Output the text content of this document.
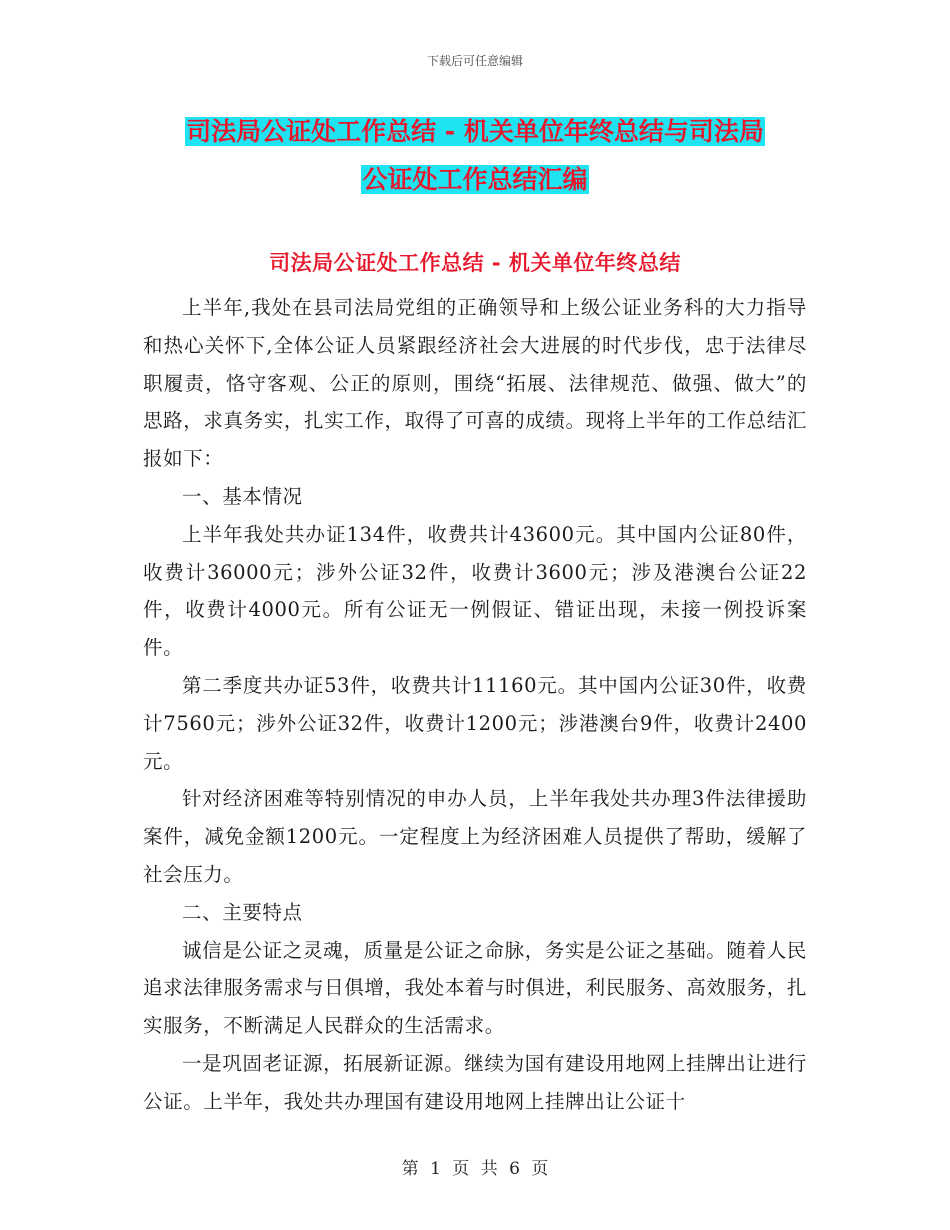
下载后可任意编辑
司法局公证处工作总结 - 机关单位年终总结与司法局
公证处工作总结汇编
司法局公证处工作总结 - 机关单位年终总结

上半年,我处在县司法局党组的正确领导和上级公证业务科的大力指导和热心关怀下,全体公证人员紧跟经济社会大进展的时代步伐，忠于法律尽职履责，恪守客观、公正的原则，围绕“拓展、法律规范、做强、做大”的思路，求真务实，扎实工作，取得了可喜的成绩。现将上半年的工作总结汇报如下：

一、基本情况

上半年我处共办证134件，收费共计43600元。其中国内公证80件，收费计36000元；涉外公证32件，收费计3600元；涉及港澳台公证22件，收费计4000元。所有公证无一例假证、错证出现，未接一例投诉案件。

第二季度共办证53件，收费共计11160元。其中国内公证30件，收费计7560元；涉外公证32件，收费计1200元；涉港澳台9件，收费计2400元。

针对经济困难等特别情况的申办人员，上半年我处共办理3件法律援助案件，减免金额1200元。一定程度上为经济困难人员提供了帮助，缓解了社会压力。

二、主要特点

诚信是公证之灵魂，质量是公证之命脉，务实是公证之基础。随着人民追求法律服务需求与日俱增，我处本着与时俱进，利民服务、高效服务，扎实服务，不断满足人民群众的生活需求。

一是巩固老证源，拓展新证源。继续为国有建设用地网上挂牌出让进行公证。上半年，我处共办理国有建设用地网上挂牌出让公证十

第 1 页 共 6 页
